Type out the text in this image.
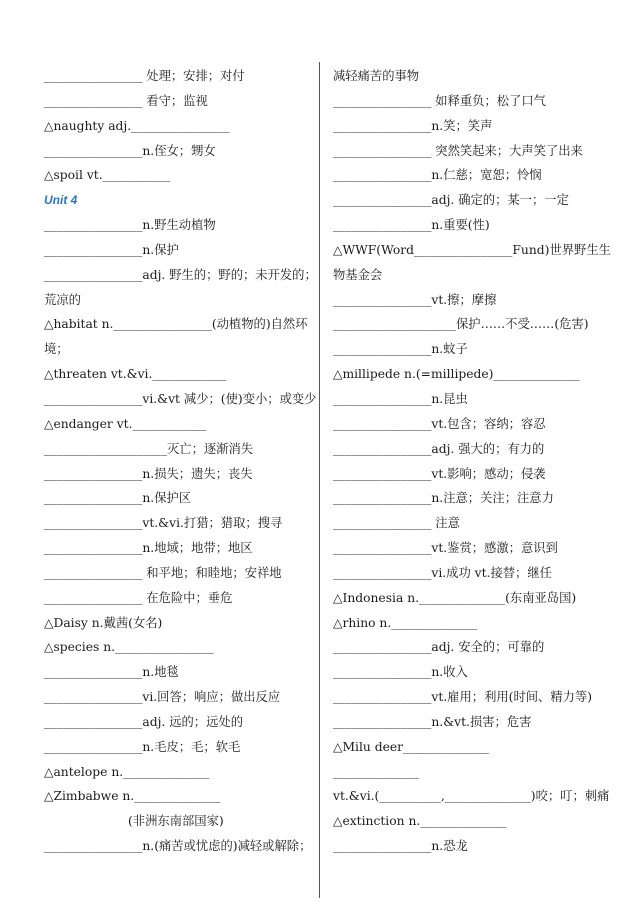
________________ 处理；安排；对付
________________ 看守；监视
△naughty adj.________________
________________n.侄女；甥女
△spoil vt.___________
Unit 4
________________n.野生动植物
________________n.保护
________________adj. 野生的；野的；未开发的；
荒凉的
△habitat n.________________(动植物的)自然环
境；
△threaten vt.&vi.____________
________________vi.&vt 减少；(使)变小；或变少
△endanger vt.____________
____________________灭亡；逐渐消失
________________n.损失；遗失；丧失
________________n.保护区
________________vt.&vi.打猎；猎取；搜寻
________________n.地域；地带；地区
________________ 和平地；和睦地；安祥地
________________ 在危险中；垂危
△Daisy n.戴茜(女名)
△species n.________________
________________n.地毯
________________vi.回答；响应；做出反应
________________adj. 远的；远处的
________________n.毛皮；毛；软毛
△antelope n.______________
△Zimbabwe n.______________
(非洲东南部国家)
________________n.(痛苦或忧虑的)减轻或解除；
减轻痛苦的事物
________________ 如释重负；松了口气
________________n.笑；笑声
________________ 突然笑起来；大声笑了出来
________________n.仁慈；宽恕；怜悯
________________adj. 确定的；某一；一定
________________n.重要(性)
△WWF(Word________________Fund)世界野生生
物基金会
________________vt.擦；摩擦
____________________保护……不受……(危害)
________________n.蚊子
△millipede n.(=millipede)______________
________________n.昆虫
________________vt.包含；容纳；容忍
________________adj. 强大的；有力的
________________vt.影响；感动；侵袭
________________n.注意；关注；注意力
________________ 注意
________________vt.鉴赏；感激；意识到
________________vi.成功 vt.接替；继任
△Indonesia n.______________(东南亚岛国)
△rhino n.______________
________________adj. 安全的；可靠的
________________n.收入
________________vt.雇用；利用(时间、精力等)
________________n.&vt.损害；危害
△Milu deer______________
______________
vt.&vi.(__________,______________)咬；叮；刺痛
△extinction n.______________
________________n.恐龙
